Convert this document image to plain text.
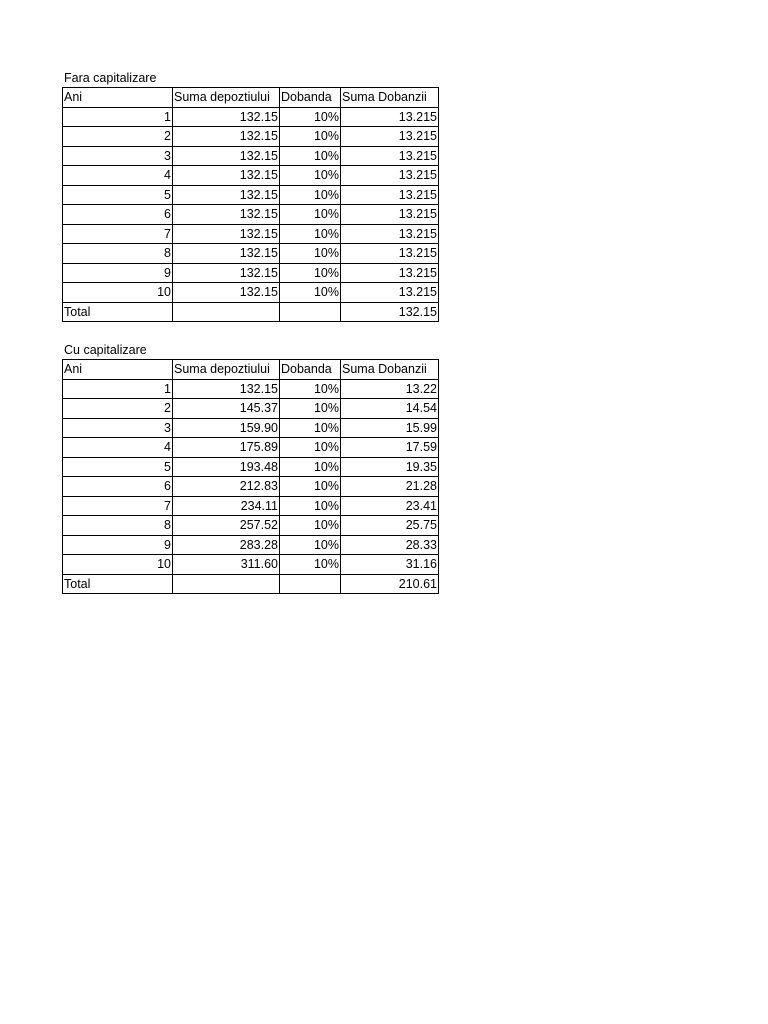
Fara capitalizare
Ani	Suma depoztiului	Dobanda	Suma Dobanzii
1	132.15	10%	13.215
2	132.15	10%	13.215
3	132.15	10%	13.215
4	132.15	10%	13.215
5	132.15	10%	13.215
6	132.15	10%	13.215
7	132.15	10%	13.215
8	132.15	10%	13.215
9	132.15	10%	13.215
10	132.15	10%	13.215
Total			132.15
Cu capitalizare
Ani	Suma depoztiului	Dobanda	Suma Dobanzii
1	132.15	10%	13.22
2	145.37	10%	14.54
3	159.90	10%	15.99
4	175.89	10%	17.59
5	193.48	10%	19.35
6	212.83	10%	21.28
7	234.11	10%	23.41
8	257.52	10%	25.75
9	283.28	10%	28.33
10	311.60	10%	31.16
Total			210.61
